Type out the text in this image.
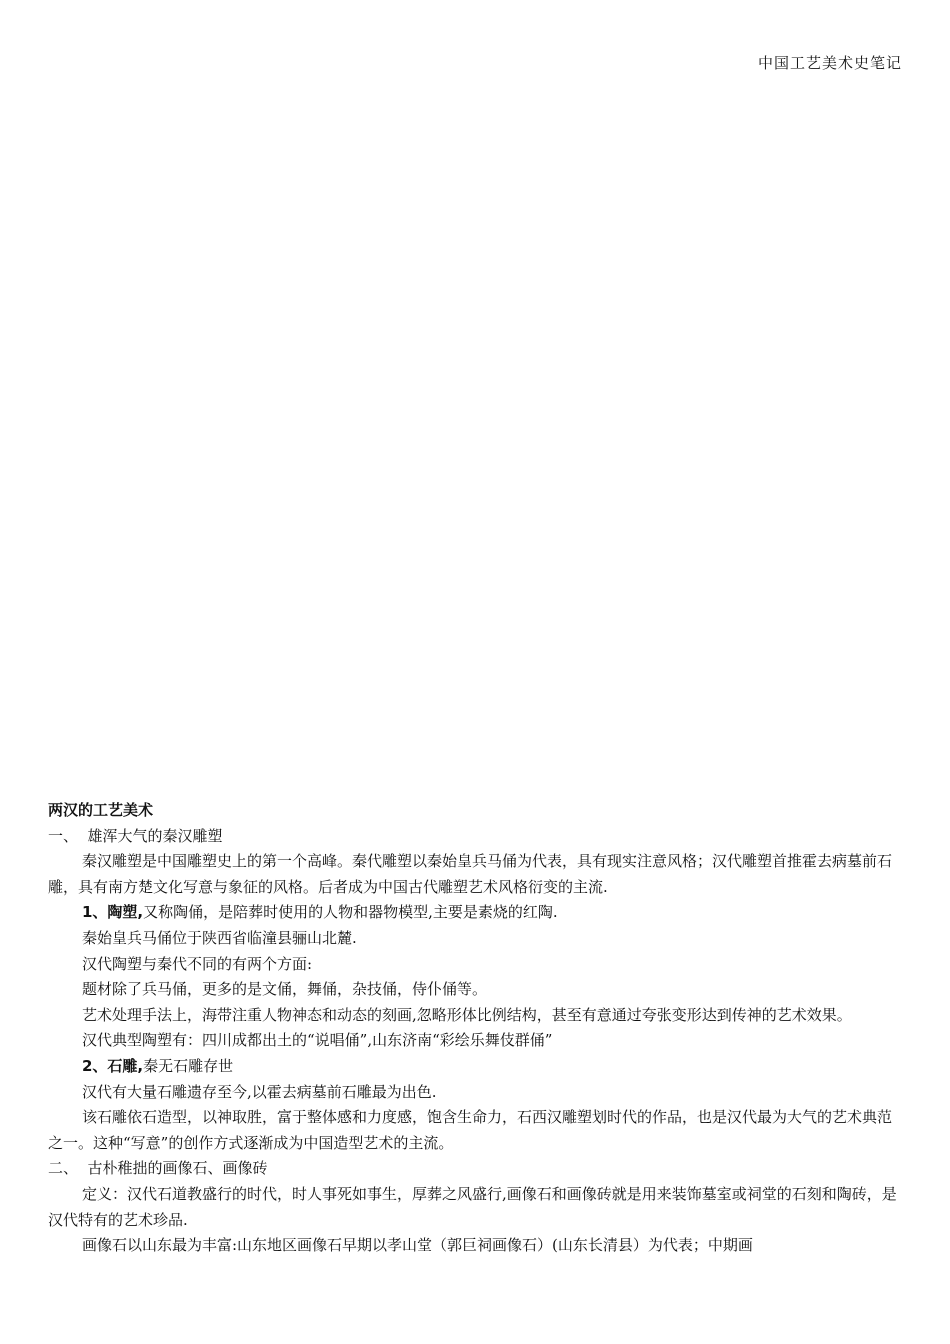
中国工艺美术史笔记

两汉的工艺美术

一、  雄浑大气的秦汉雕塑

秦汉雕塑是中国雕塑史上的第一个高峰。秦代雕塑以秦始皇兵马俑为代表，具有现实注意风格；汉代雕塑首推霍去病墓前石雕，具有南方楚文化写意与象征的风格。后者成为中国古代雕塑艺术风格衍变的主流.

1、陶塑,又称陶俑，是陪葬时使用的人物和器物模型,主要是素烧的红陶.

秦始皇兵马俑位于陕西省临潼县骊山北麓.

汉代陶塑与秦代不同的有两个方面:

题材除了兵马俑，更多的是文俑，舞俑，杂技俑，侍仆俑等。

艺术处理手法上，海带注重人物神态和动态的刻画,忽略形体比例结构，甚至有意通过夸张变形达到传神的艺术效果。

汉代典型陶塑有：四川成都出土的“说唱俑”,山东济南“彩绘乐舞伎群俑”

2、石雕,秦无石雕存世

汉代有大量石雕遗存至今,以霍去病墓前石雕最为出色.

该石雕依石造型，以神取胜，富于整体感和力度感，饱含生命力，石西汉雕塑划时代的作品，也是汉代最为大气的艺术典范之一。这种“写意”的创作方式逐渐成为中国造型艺术的主流。

二、  古朴稚拙的画像石、画像砖

定义：汉代石道教盛行的时代，时人事死如事生，厚葬之风盛行,画像石和画像砖就是用来装饰墓室或祠堂的石刻和陶砖，是汉代特有的艺术珍品.

画像石以山东最为丰富:山东地区画像石早期以孝山堂（郭巨祠画像石）(山东长清县）为代表；中期画
